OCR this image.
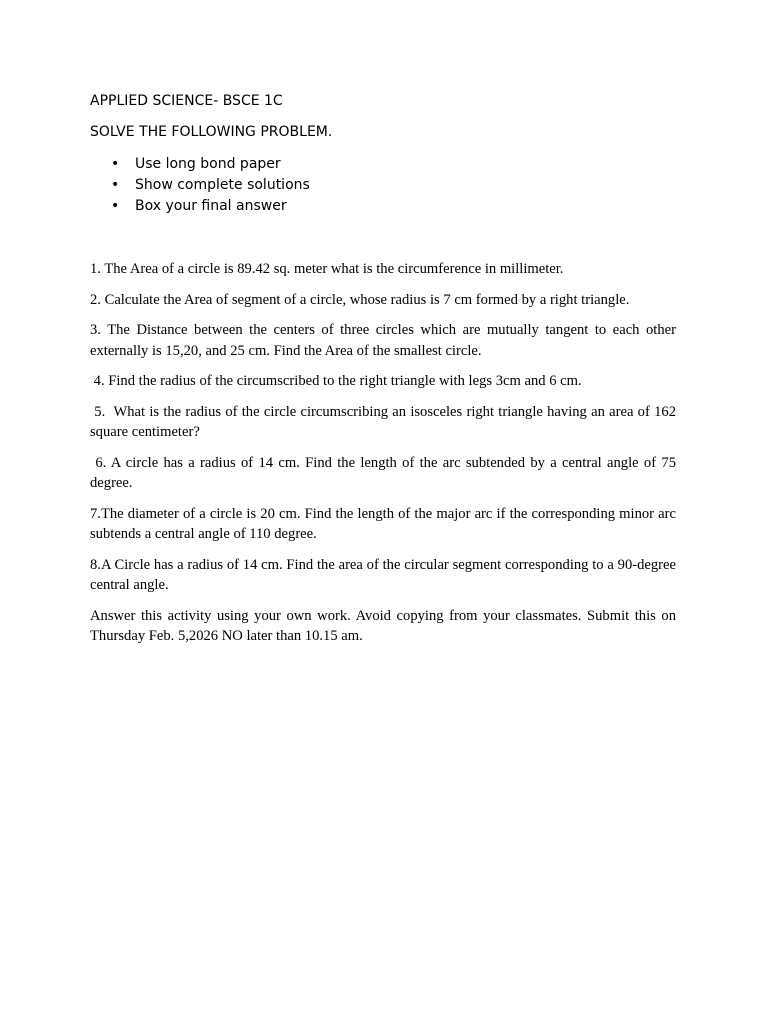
APPLIED SCIENCE- BSCE 1C

SOLVE THE FOLLOWING PROBLEM.

• Use long bond paper
• Show complete solutions
• Box your final answer

1. The Area of a circle is 89.42 sq. meter what is the circumference in millimeter.

2. Calculate the Area of segment of a circle, whose radius is 7 cm formed by a right triangle.

3. The Distance between the centers of three circles which are mutually tangent to each other externally is 15,20, and 25 cm. Find the Area of the smallest circle.

4. Find the radius of the circumscribed to the right triangle with legs 3cm and 6 cm.

5.  What is the radius of the circle circumscribing an isosceles right triangle having an area of 162 square centimeter?

6. A circle has a radius of 14 cm. Find the length of the arc subtended by a central angle of 75 degree.

7.The diameter of a circle is 20 cm. Find the length of the major arc if the corresponding minor arc subtends a central angle of 110 degree.

8.A Circle has a radius of 14 cm. Find the area of the circular segment corresponding to a 90-degree central angle.

Answer this activity using your own work. Avoid copying from your classmates. Submit this on Thursday Feb. 5,2026 NO later than 10.15 am.
